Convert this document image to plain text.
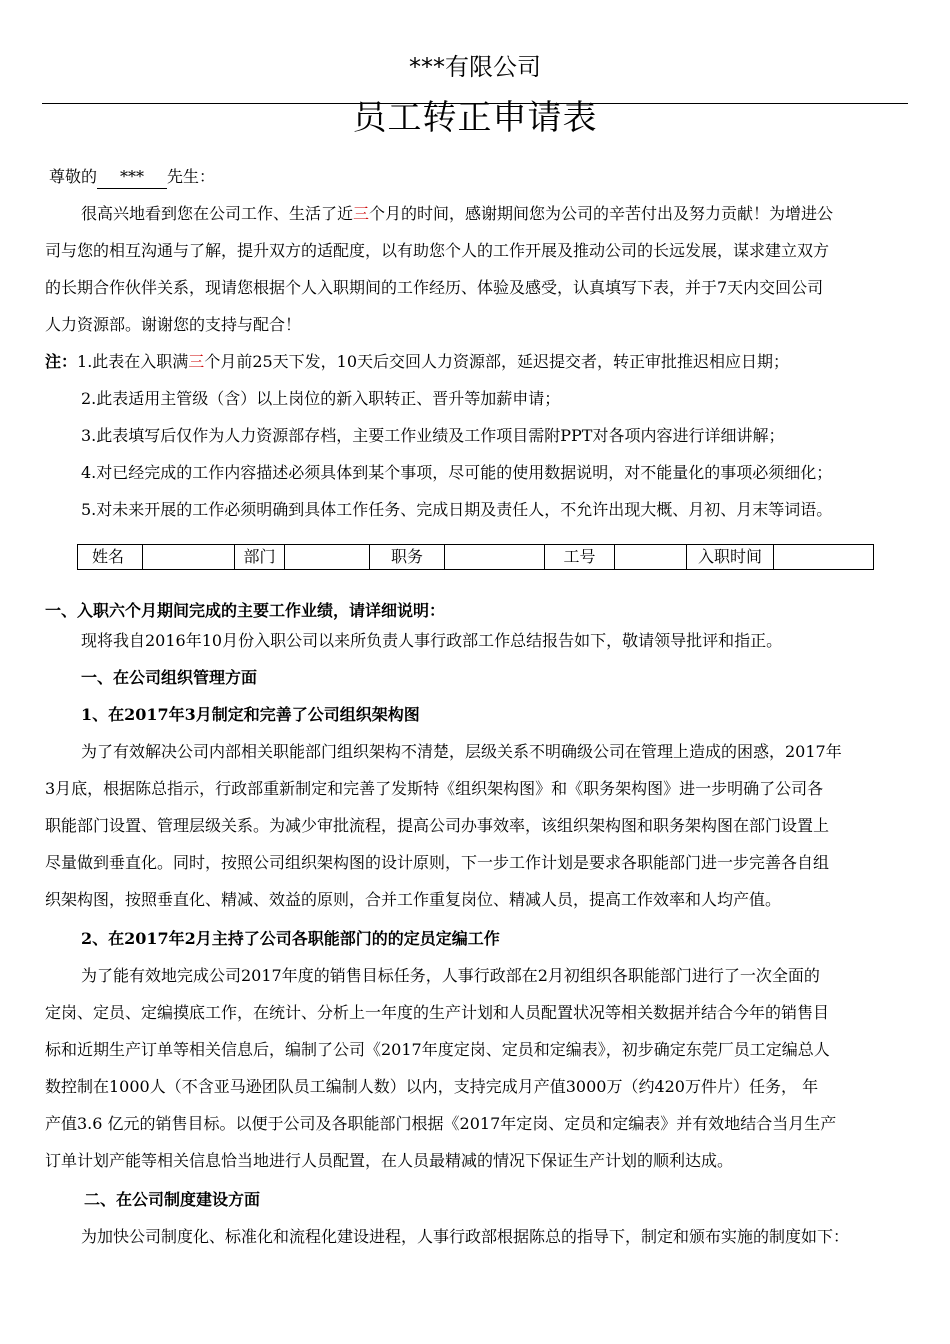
***有限公司
员工转正申请表
尊敬的 *** 先生：
很高兴地看到您在公司工作、生活了近三个月的时间，感谢期间您为公司的辛苦付出及努力贡献！为增进公
司与您的相互沟通与了解，提升双方的适配度，以有助您个人的工作开展及推动公司的长远发展，谋求建立双方
的长期合作伙伴关系，现请您根据个人入职期间的工作经历、体验及感受，认真填写下表，并于7天内交回公司
人力资源部。谢谢您的支持与配合！
注：1.此表在入职满三个月前25天下发，10天后交回人力资源部，延迟提交者，转正审批推迟相应日期；
2.此表适用主管级（含）以上岗位的新入职转正、晋升等加薪申请；
3.此表填写后仅作为人力资源部存档，主要工作业绩及工作项目需附PPT对各项内容进行详细讲解；
4.对已经完成的工作内容描述必须具体到某个事项，尽可能的使用数据说明，对不能量化的事项必须细化；
5.对未来开展的工作必须明确到具体工作任务、完成日期及责任人，不允许出现大概、月初、月末等词语。
姓名		部门		职务		工号		入职时间	
一、入职六个月期间完成的主要工作业绩，请详细说明：
现将我自2016年10月份入职公司以来所负责人事行政部工作总结报告如下，敬请领导批评和指正。
一、在公司组织管理方面
1、在2017年3月制定和完善了公司组织架构图
为了有效解决公司内部相关职能部门组织架构不清楚，层级关系不明确级公司在管理上造成的困惑，2017年
3月底，根据陈总指示，行政部重新制定和完善了发斯特《组织架构图》和《职务架构图》进一步明确了公司各
职能部门设置、管理层级关系。为减少审批流程，提高公司办事效率，该组织架构图和职务架构图在部门设置上
尽量做到垂直化。同时，按照公司组织架构图的设计原则，下一步工作计划是要求各职能部门进一步完善各自组
织架构图，按照垂直化、精减、效益的原则，合并工作重复岗位、精减人员，提高工作效率和人均产值。
2、在2017年2月主持了公司各职能部门的的定员定编工作
为了能有效地完成公司2017年度的销售目标任务，人事行政部在2月初组织各职能部门进行了一次全面的
定岗、定员、定编摸底工作，在统计、分析上一年度的生产计划和人员配置状况等相关数据并结合今年的销售目
标和近期生产订单等相关信息后，编制了公司《2017年度定岗、定员和定编表》，初步确定东莞厂员工定编总人
数控制在1000人（不含亚马逊团队员工编制人数）以内，支持完成月产值3000万（约420万件片）任务， 年
产值3.6 亿元的销售目标。以便于公司及各职能部门根据《2017年定岗、定员和定编表》并有效地结合当月生产
订单计划产能等相关信息恰当地进行人员配置，在人员最精减的情况下保证生产计划的顺利达成。
二、在公司制度建设方面
为加快公司制度化、标准化和流程化建设进程，人事行政部根据陈总的指导下，制定和颁布实施的制度如下：
